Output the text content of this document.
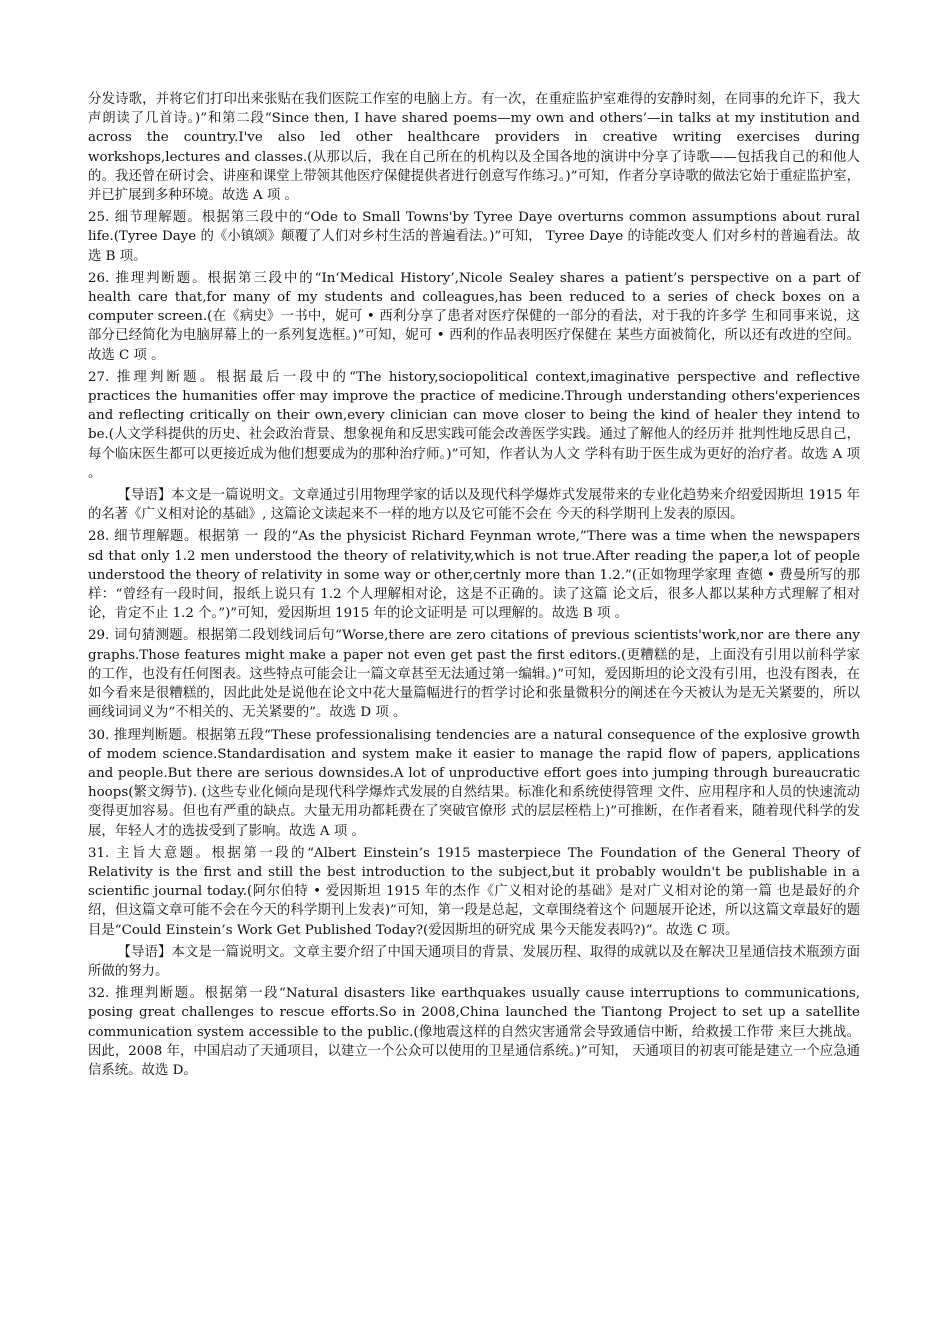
分发诗歌，并将它们打印出来张贴在我们医院工作室的电脑上方。有一次，在重症监护室难得的安静时刻，在同事的允许下，我大声朗读了几首诗。)”和第二段“Since then, I have shared poems—my own and others’—in talks at my institution and across the country.I've also led other healthcare providers in creative writing exercises during workshops,lectures and classes.(从那以后，我在自己所在的机构以及全国各地的演讲中分享了诗歌——包括我自己的和他人的。我还曾在研讨会、讲座和课堂上带领其他医疗保健提供者进行创意写作练习。)”可知，作者分享诗歌的做法它始于重症监护室，并已扩展到多种环境。故选 A 项 。

25. 细节理解题。根据第三段中的“Ode to Small Towns'by Tyree Daye overturns common assumptions about rural life.(Tyree Daye 的《小镇颂》颠覆了人们对乡村生活的普遍看法。)”可知， Tyree Daye 的诗能改变人 们对乡村的普遍看法。故选 B 项。

26. 推理判断题。根据第三段中的“In‘Medical History’,Nicole Sealey shares a patient’s perspective on a part of health care that,for many of my students and colleagues,has been reduced to a series of check boxes on a computer screen.(在《病史》一书中，妮可 • 西利分享了患者对医疗保健的一部分的看法，对于我的许多学 生和同事来说，这部分已经简化为电脑屏幕上的一系列复选框。)”可知，妮可 • 西利的作品表明医疗保健在 某些方面被简化，所以还有改进的空间。故选 C 项 。

27. 推理判断题。根据最后一段中的“The history,sociopolitical context,imaginative perspective and reflective practices the humanities offer may improve the practice of medicine.Through understanding others'experiences and reflecting critically on their own,every clinician can move closer to being the kind of healer they intend to be.(人文学科提供的历史、社会政治背景、想象视角和反思实践可能会改善医学实践。通过了解他人的经历并 批判性地反思自己，每个临床医生都可以更接近成为他们想要成为的那种治疗师。)”可知，作者认为人文 学科有助于医生成为更好的治疗者。故选 A 项 。

【导语】本文是一篇说明文。文章通过引用物理学家的话以及现代科学爆炸式发展带来的专业化趋势来介绍爱因斯坦 1915 年的名著《广义相对论的基础》, 这篇论文读起来不一样的地方以及它可能不会在 今天的科学期刊上发表的原因。

28. 细节理解题。根据第 一 段的“As the physicist Richard Feynman wrote,”There was a time when the newspapers sd that only 1.2 men understood the theory of relativity,which is not true.After reading the paper,a lot of people understood the theory of relativity in some way or other,certnly more than 1.2.”(正如物理学家理 查德 • 费曼所写的那样：“曾经有一段时间，报纸上说只有 1.2 个人理解相对论，这是不正确的。读了这篇 论文后，很多人都以某种方式理解了相对论，肯定不止 1.2 个。”)”可知，爱因斯坦 1915 年的论文证明是 可以理解的。故选 B 项 。

29. 词句猜测题。根据第二段划线词后句“Worse,there are zero citations of previous scientists'work,nor are there any graphs.Those features might make a paper not even get past the first editors.(更糟糕的是，上面没有引用以前科学家的工作，也没有任何图表。这些特点可能会让一篇文章甚至无法通过第一编辑。)”可知，爱因斯坦的论文没有引用，也没有图表，在如今看来是很糟糕的，因此此处是说他在论文中花大量篇幅进行的哲学讨论和张量微积分的阐述在今天被认为是无关紧要的，所以画线词词义为“不相关的、无关紧要的”。故选 D 项 。

30. 推理判断题。根据第五段“These professionalising tendencies are a natural consequence of the explosive growth of modem science.Standardisation and system make it easier to manage the rapid flow of papers, applications and people.But there are serious downsides.A lot of unproductive effort goes into jumping through bureaucratic hoops(繁文缛节). (这些专业化倾向是现代科学爆炸式发展的自然结果。标准化和系统使得管理 文件、应用程序和人员的快速流动变得更加容易。但也有严重的缺点。大量无用功都耗费在了突破官僚形 式的层层桎梏上)”可推断，在作者看来，随着现代科学的发展，年轻人才的选拔受到了影响。故选 A 项 。

31. 主旨大意题。根据第一段的“Albert Einstein’s 1915 masterpiece The Foundation of the General Theory of Relativity is the first and still the best introduction to the subject,but it probably wouldn't be publishable in a scientific journal today.(阿尔伯特 • 爱因斯坦 1915 年的杰作《广义相对论的基础》是对广义相对论的第一篇 也是最好的介绍，但这篇文章可能不会在今天的科学期刊上发表)”可知，第一段是总起，文章围绕着这个 问题展开论述，所以这篇文章最好的题目是“Could Einstein’s Work Get Published Today?(爱因斯坦的研究成 果今天能发表吗?)”。故选 C 项。

【导语】本文是一篇说明文。文章主要介绍了中国天通项目的背景、发展历程、取得的成就以及在解决卫星通信技术瓶颈方面所做的努力。

32. 推理判断题。根据第一段“Natural disasters like earthquakes usually cause interruptions to communications, posing great challenges to rescue efforts.So in 2008,China launched the Tiantong Project to set up a satellite communication system accessible to the public.(像地震这样的自然灾害通常会导致通信中断，给救援工作带 来巨大挑战。因此，2008 年，中国启动了天通项目，以建立一个公众可以使用的卫星通信系统。)”可知， 天通项目的初衷可能是建立一个应急通信系统。故选 D。
